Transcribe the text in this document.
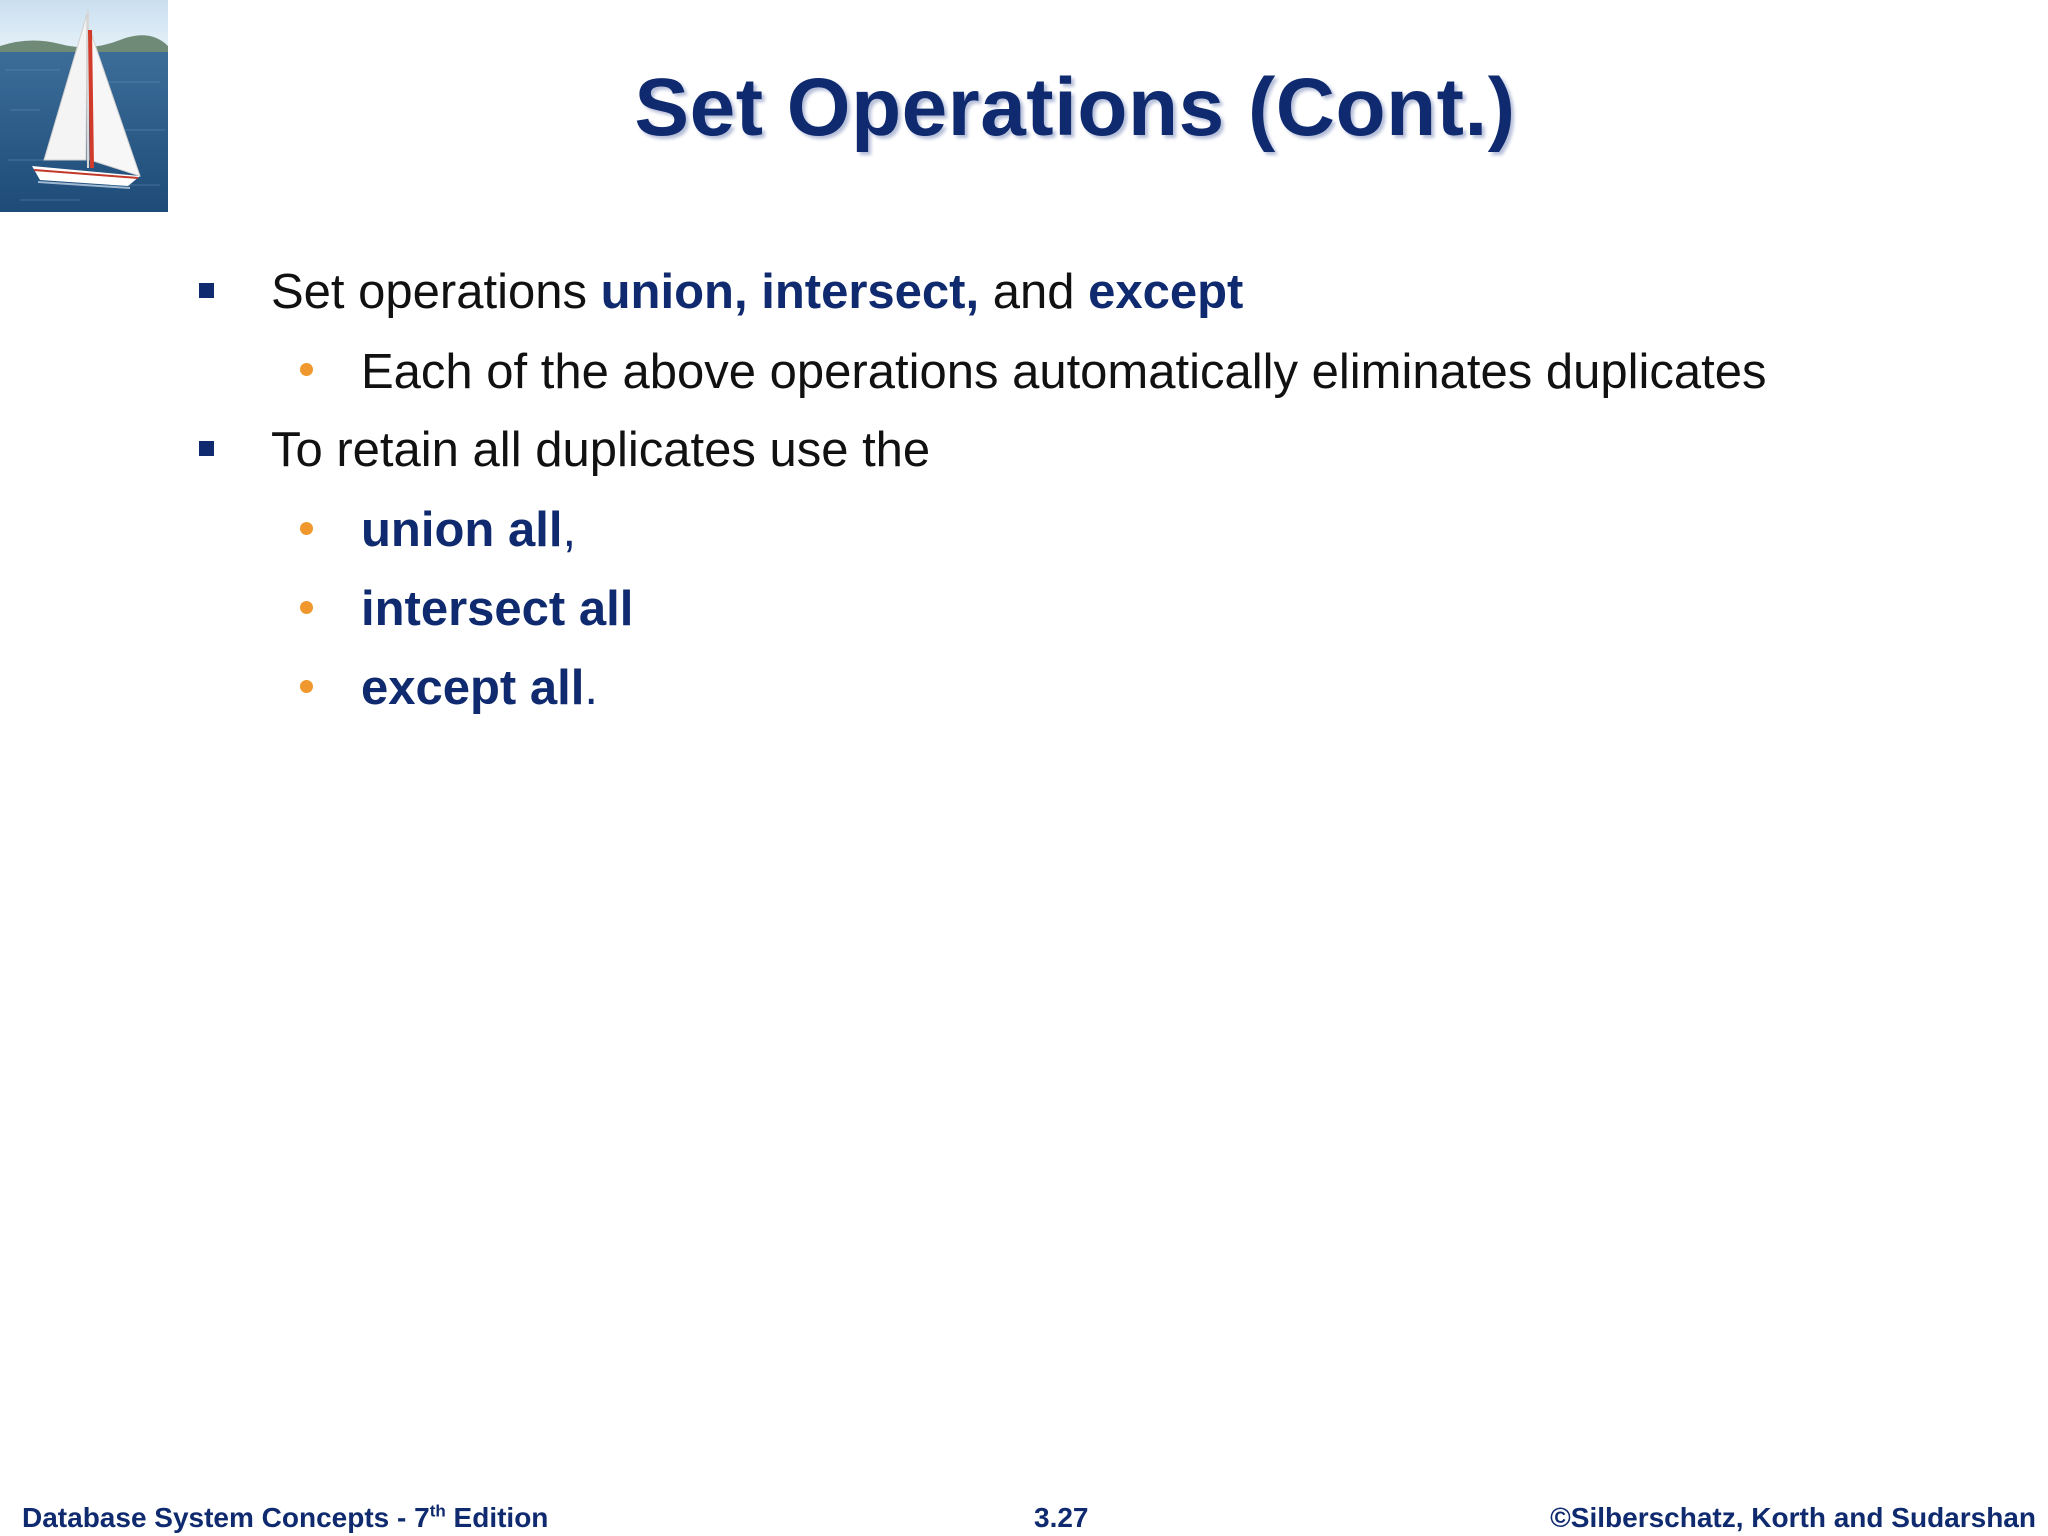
Set Operations (Cont.)
Set operations union, intersect, and except
Each of the above operations automatically eliminates duplicates
To retain all duplicates use the
union all,
intersect all
except all.
Database System Concepts - 7th Edition	3.27	©Silberschatz, Korth and Sudarshan
